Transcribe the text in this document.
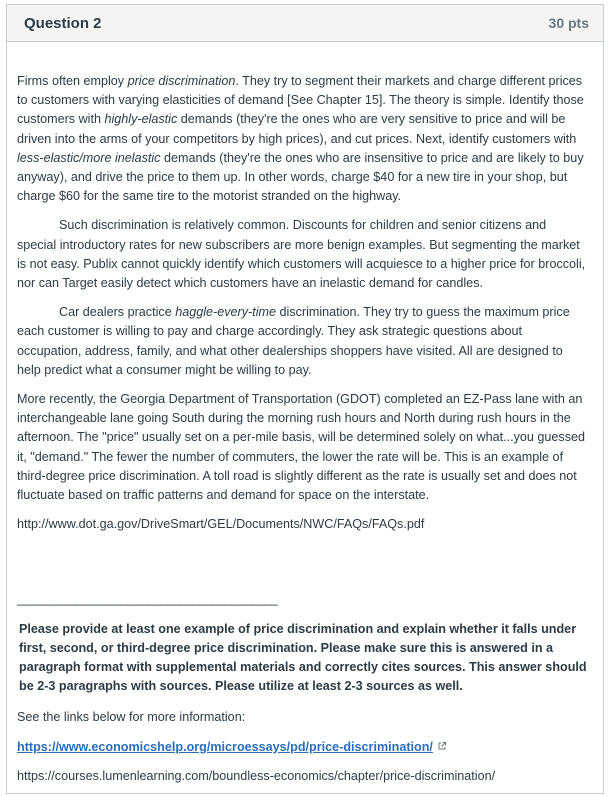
Question 2	30 pts

Firms often employ price discrimination. They try to segment their markets and charge different prices to customers with varying elasticities of demand [See Chapter 15]. The theory is simple. Identify those customers with highly-elastic demands (they're the ones who are very sensitive to price and will be driven into the arms of your competitors by high prices), and cut prices. Next, identify customers with less-elastic/more inelastic demands (they're the ones who are insensitive to price and are likely to buy anyway), and drive the price to them up. In other words, charge $40 for a new tire in your shop, but charge $60 for the same tire to the motorist stranded on the highway.

Such discrimination is relatively common. Discounts for children and senior citizens and special introductory rates for new subscribers are more benign examples. But segmenting the market is not easy. Publix cannot quickly identify which customers will acquiesce to a higher price for broccoli, nor can Target easily detect which customers have an inelastic demand for candles.

Car dealers practice haggle-every-time discrimination. They try to guess the maximum price each customer is willing to pay and charge accordingly. They ask strategic questions about occupation, address, family, and what other dealerships shoppers have visited. All are designed to help predict what a consumer might be willing to pay.

More recently, the Georgia Department of Transportation (GDOT) completed an EZ-Pass lane with an interchangeable lane going South during the morning rush hours and North during rush hours in the afternoon. The "price" usually set on a per-mile basis, will be determined solely on what...you guessed it, "demand." The fewer the number of commuters, the lower the rate will be. This is an example of third-degree price discrimination. A toll road is slightly different as the rate is usually set and does not fluctuate based on traffic patterns and demand for space on the interstate.

http://www.dot.ga.gov/DriveSmart/GEL/Documents/NWC/FAQs/FAQs.pdf

________________________________________

Please provide at least one example of price discrimination and explain whether it falls under first, second, or third-degree price discrimination. Please make sure this is answered in a paragraph format with supplemental materials and correctly cites sources. This answer should be 2-3 paragraphs with sources. Please utilize at least 2-3 sources as well.

See the links below for more information:

https://www.economicshelp.org/microessays/pd/price-discrimination/

https://courses.lumenlearning.com/boundless-economics/chapter/price-discrimination/
